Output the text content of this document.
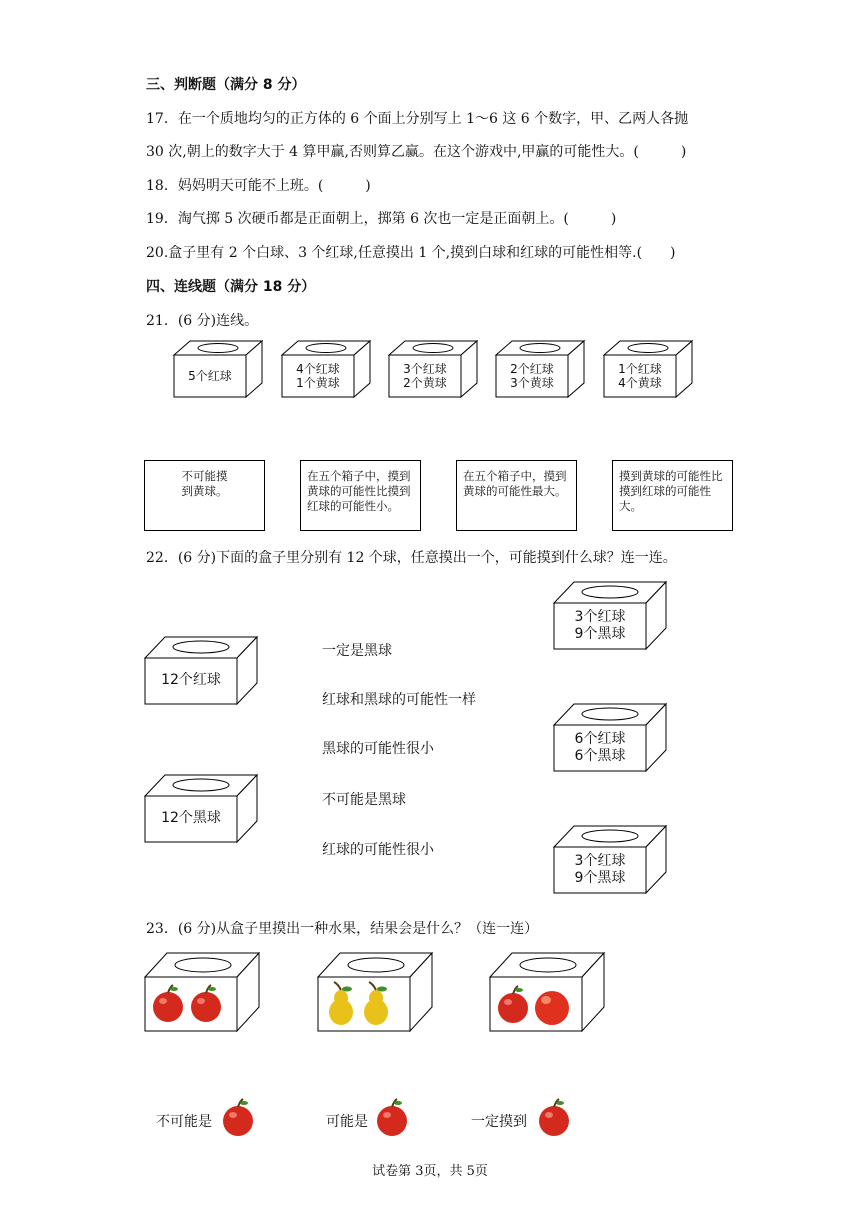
三、判断题（满分 8 分）
17．在一个质地均匀的正方体的 6 个面上分别写上 1～6 这 6 个数字，甲、乙两人各抛
30 次,朝上的数字大于 4 算甲赢,否则算乙赢。在这个游戏中,甲赢的可能性大。(　　　)
18．妈妈明天可能不上班。(　　　)
19．淘气掷 5 次硬币都是正面朝上，掷第 6 次也一定是正面朝上。(　　　)
20.盒子里有 2 个白球、3 个红球,任意摸出 1 个,摸到白球和红球的可能性相等.(　　)
四、连线题（满分 18 分）
21．(6 分)连线。
5个红球	4个红球
1个黄球
3个红球
2个黄球
2个红球
3个黄球
1个红球
4个黄球
不可能摸
到黄球。
在五个箱子中，摸到
黄球的可能性比摸到
红球的可能性小。
在五个箱子中，摸到
黄球的可能性最大。
摸到黄球的可能性比
摸到红球的可能性大。
22．(6 分)下面的盒子里分别有 12 个球，任意摸出一个，可能摸到什么球？连一连。
12个红球
12个黑球
3个红球
9个黑球
6个红球
6个黑球
3个红球
9个黑球
一定是黑球
红球和黑球的可能性一样
黑球的可能性很小
不可能是黑球
红球的可能性很小
23．(6 分)从盒子里摸出一种水果，结果会是什么？（连一连）
不可能是	可能是	一定摸到
试卷第 3页，共 5页
